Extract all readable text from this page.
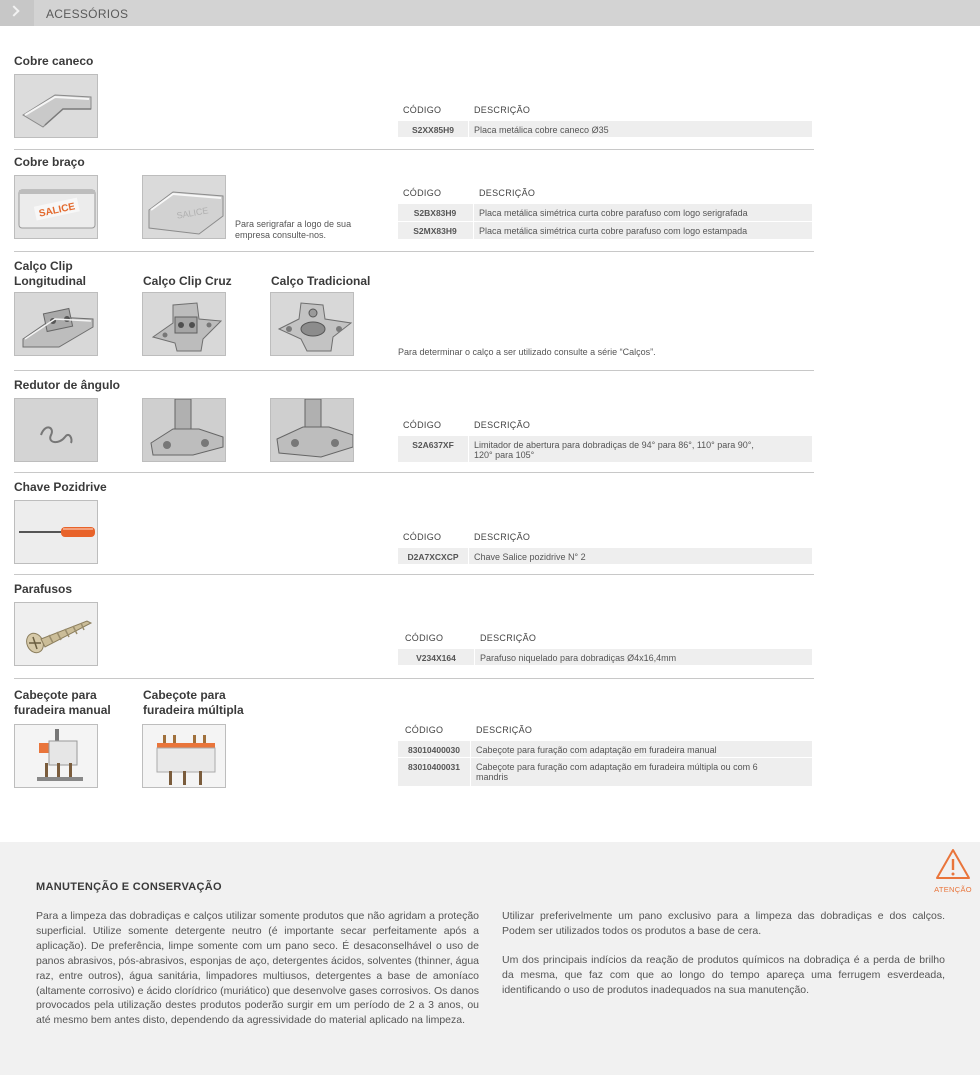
ACESSÓRIOS
Cobre caneco
CÓDIGO	DESCRIÇÃO
S2XX85H9	Placa metálica cobre caneco Ø35
Cobre braço
SALICE	SALICE
Para serigrafar a logo de sua empresa consulte-nos.
CÓDIGO	DESCRIÇÃO
S2BX83H9	Placa metálica simétrica curta cobre parafuso com logo serigrafada
S2MX83H9	Placa metálica simétrica curta cobre parafuso com logo estampada
Calço Clip Longitudinal	Calço Clip Cruz	Calço Tradicional
Para determinar o calço a ser utilizado consulte a série “Calços”.
Redutor de ângulo
CÓDIGO	DESCRIÇÃO
S2A637XF	Limitador de abertura para dobradiças de 94° para 86°, 110° para 90°, 120° para 105°
Chave Pozidrive
CÓDIGO	DESCRIÇÃO
D2A7XCXCP	Chave Salice pozidrive N° 2
Parafusos
CÓDIGO	DESCRIÇÃO
V234X164	Parafuso niquelado para dobradiças Ø4x16,4mm
Cabeçote para furadeira manual
Cabeçote para furadeira múltipla
CÓDIGO	DESCRIÇÃO
83010400030	Cabeçote para furação com adaptação em furadeira manual
83010400031	Cabeçote para furação com adaptação em furadeira múltipla ou com 6 mandris
ATENÇÃO
MANUTENÇÃO E CONSERVAÇÃO
Para a limpeza das dobradiças e calços utilizar somente produtos que não agridam a proteção superficial. Utilize somente detergente neutro (é importante secar perfeitamente após a aplicação). De preferência, limpe somente com um pano seco. É desaconselhável o uso de panos abrasivos, pós-abrasivos, esponjas de aço, detergentes ácidos, solventes (thinner, água raz, entre outros), água sanitária, limpadores multiusos, detergentes a base de amoníaco (altamente corrosivo) e ácido clorídrico (muriático) que desenvolve gases corrosivos. Os danos provocados pela utilização destes produtos poderão surgir em um período de 2 a 3 anos, ou até mesmo bem antes disto, dependendo da agressividade do material aplicado na limpeza.
Utilizar preferivelmente um pano exclusivo para a limpeza das dobradiças e dos calços. Podem ser utilizados todos os produtos a base de cera.
Um dos principais indícios da reação de produtos químicos na dobradiça é a perda de brilho da mesma, que faz com que ao longo do tempo apareça uma ferrugem esverdeada, identificando o uso de produtos inadequados na sua manutenção.
